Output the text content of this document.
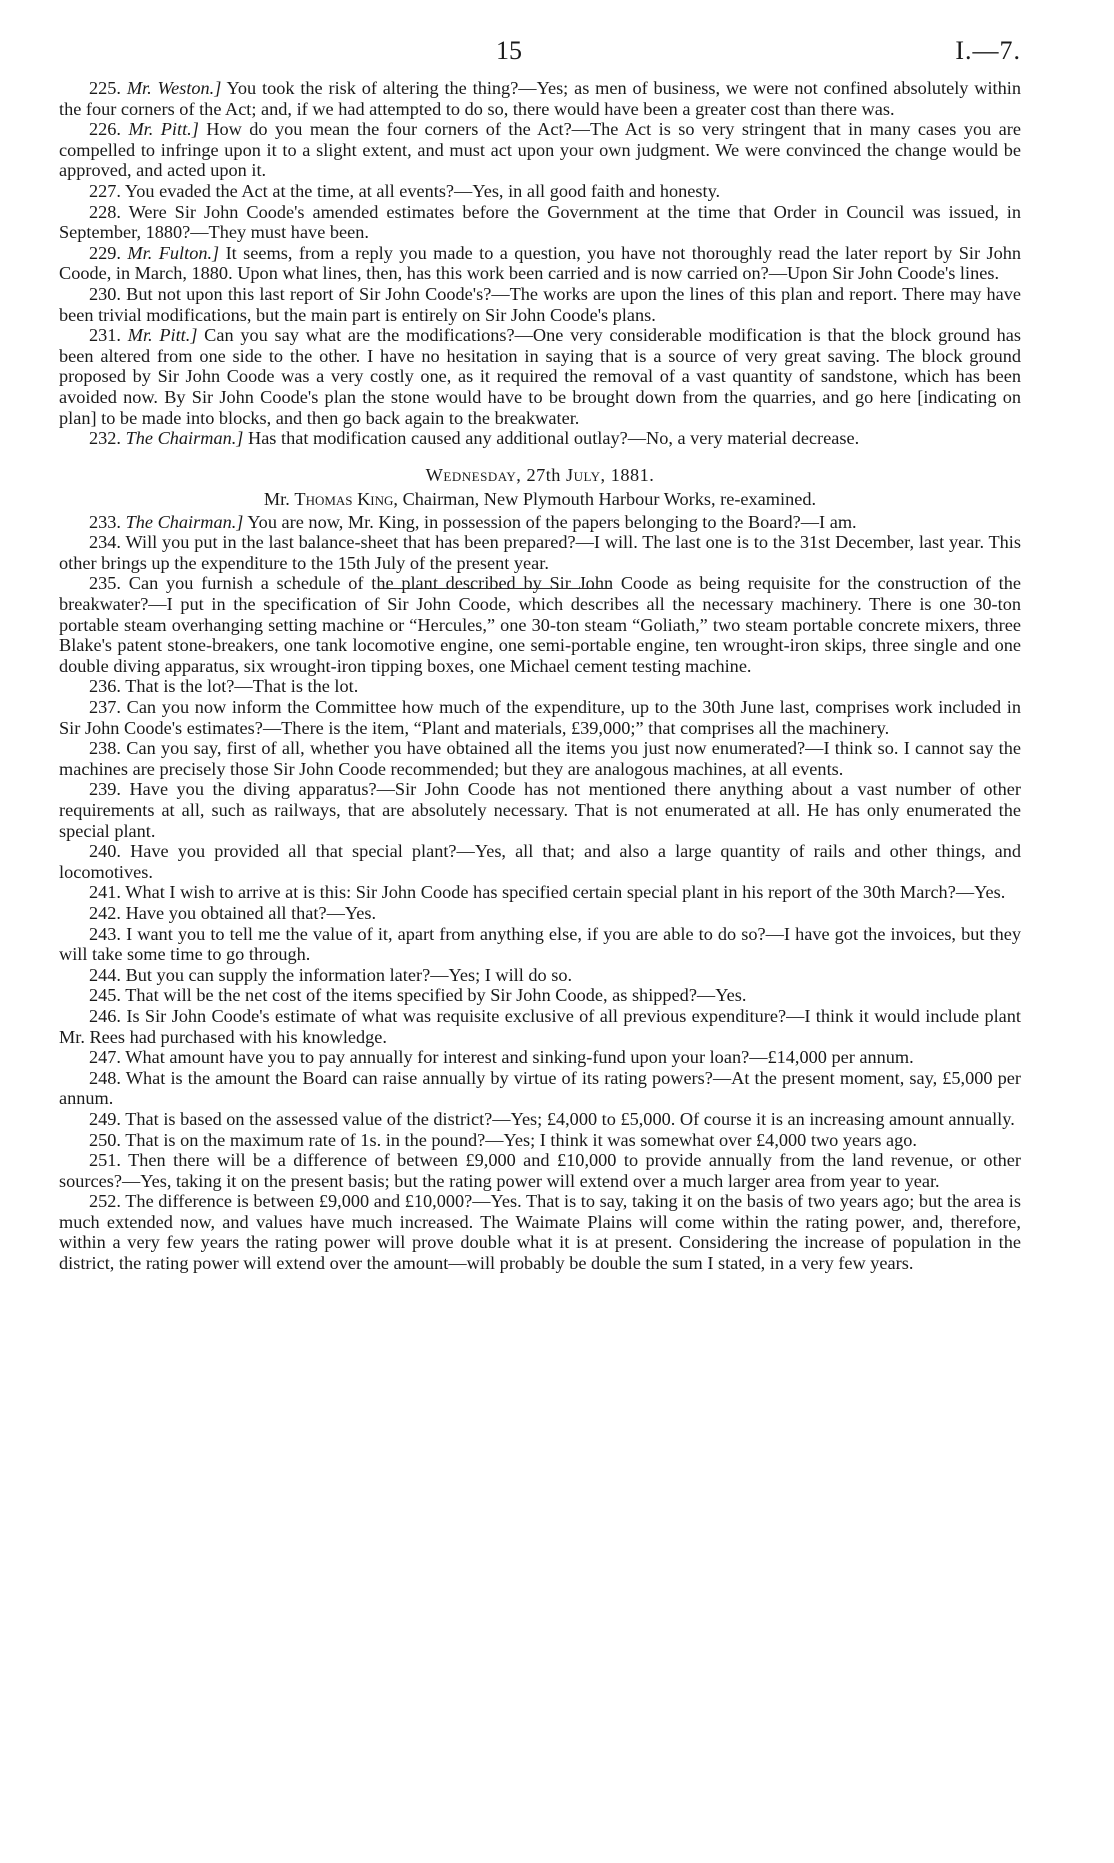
15	I.—7.

225. Mr. Weston.] You took the risk of altering the thing?—Yes; as men of business, we were not confined absolutely within the four corners of the Act; and, if we had attempted to do so, there would have been a greater cost than there was.

226. Mr. Pitt.] How do you mean the four corners of the Act?—The Act is so very stringent that in many cases you are compelled to infringe upon it to a slight extent, and must act upon your own judgment. We were convinced the change would be approved, and acted upon it.

227. You evaded the Act at the time, at all events?—Yes, in all good faith and honesty.

228. Were Sir John Coode's amended estimates before the Government at the time that Order in Council was issued, in September, 1880?—They must have been.

229. Mr. Fulton.] It seems, from a reply you made to a question, you have not thoroughly read the later report by Sir John Coode, in March, 1880. Upon what lines, then, has this work been carried and is now carried on?—Upon Sir John Coode's lines.

230. But not upon this last report of Sir John Coode's?—The works are upon the lines of this plan and report. There may have been trivial modifications, but the main part is entirely on Sir John Coode's plans.

231. Mr. Pitt.] Can you say what are the modifications?—One very considerable modification is that the block ground has been altered from one side to the other. I have no hesitation in saying that is a source of very great saving. The block ground proposed by Sir John Coode was a very costly one, as it required the removal of a vast quantity of sandstone, which has been avoided now. By Sir John Coode's plan the stone would have to be brought down from the quarries, and go here [indicating on plan] to be made into blocks, and then go back again to the breakwater.

232. The Chairman.] Has that modification caused any additional outlay?—No, a very material decrease.

Wednesday, 27th July, 1881.

Mr. Thomas King, Chairman, New Plymouth Harbour Works, re-examined.

233. The Chairman.] You are now, Mr. King, in possession of the papers belonging to the Board?—I am.

234. Will you put in the last balance-sheet that has been prepared?—I will. The last one is to the 31st December, last year. This other brings up the expenditure to the 15th July of the present year.

235. Can you furnish a schedule of the plant described by Sir John Coode as being requisite for the construction of the breakwater?—I put in the specification of Sir John Coode, which describes all the necessary machinery. There is one 30-ton portable steam overhanging setting machine or “Hercules,” one 30-ton steam “Goliath,” two steam portable concrete mixers, three Blake's patent stone-breakers, one tank locomotive engine, one semi-portable engine, ten wrought-iron skips, three single and one double diving apparatus, six wrought-iron tipping boxes, one Michael cement testing machine.

236. That is the lot?—That is the lot.

237. Can you now inform the Committee how much of the expenditure, up to the 30th June last, comprises work included in Sir John Coode's estimates?—There is the item, “Plant and materials, £39,000;” that comprises all the machinery.

238. Can you say, first of all, whether you have obtained all the items you just now enumerated?—I think so. I cannot say the machines are precisely those Sir John Coode recommended; but they are analogous machines, at all events.

239. Have you the diving apparatus?—Sir John Coode has not mentioned there anything about a vast number of other requirements at all, such as railways, that are absolutely necessary. That is not enumerated at all. He has only enumerated the special plant.

240. Have you provided all that special plant?—Yes, all that; and also a large quantity of rails and other things, and locomotives.

241. What I wish to arrive at is this: Sir John Coode has specified certain special plant in his report of the 30th March?—Yes.

242. Have you obtained all that?—Yes.

243. I want you to tell me the value of it, apart from anything else, if you are able to do so?—I have got the invoices, but they will take some time to go through.

244. But you can supply the information later?—Yes; I will do so.

245. That will be the net cost of the items specified by Sir John Coode, as shipped?—Yes.

246. Is Sir John Coode's estimate of what was requisite exclusive of all previous expenditure?—I think it would include plant Mr. Rees had purchased with his knowledge.

247. What amount have you to pay annually for interest and sinking-fund upon your loan?—£14,000 per annum.

248. What is the amount the Board can raise annually by virtue of its rating powers?—At the present moment, say, £5,000 per annum.

249. That is based on the assessed value of the district?—Yes; £4,000 to £5,000. Of course it is an increasing amount annually.

250. That is on the maximum rate of 1s. in the pound?—Yes; I think it was somewhat over £4,000 two years ago.

251. Then there will be a difference of between £9,000 and £10,000 to provide annually from the land revenue, or other sources?—Yes, taking it on the present basis; but the rating power will extend over a much larger area from year to year.

252. The difference is between £9,000 and £10,000?—Yes. That is to say, taking it on the basis of two years ago; but the area is much extended now, and values have much increased. The Waimate Plains will come within the rating power, and, therefore, within a very few years the rating power will prove double what it is at present. Considering the increase of population in the district, the rating power will extend over the amount—will probably be double the sum I stated, in a very few years.
